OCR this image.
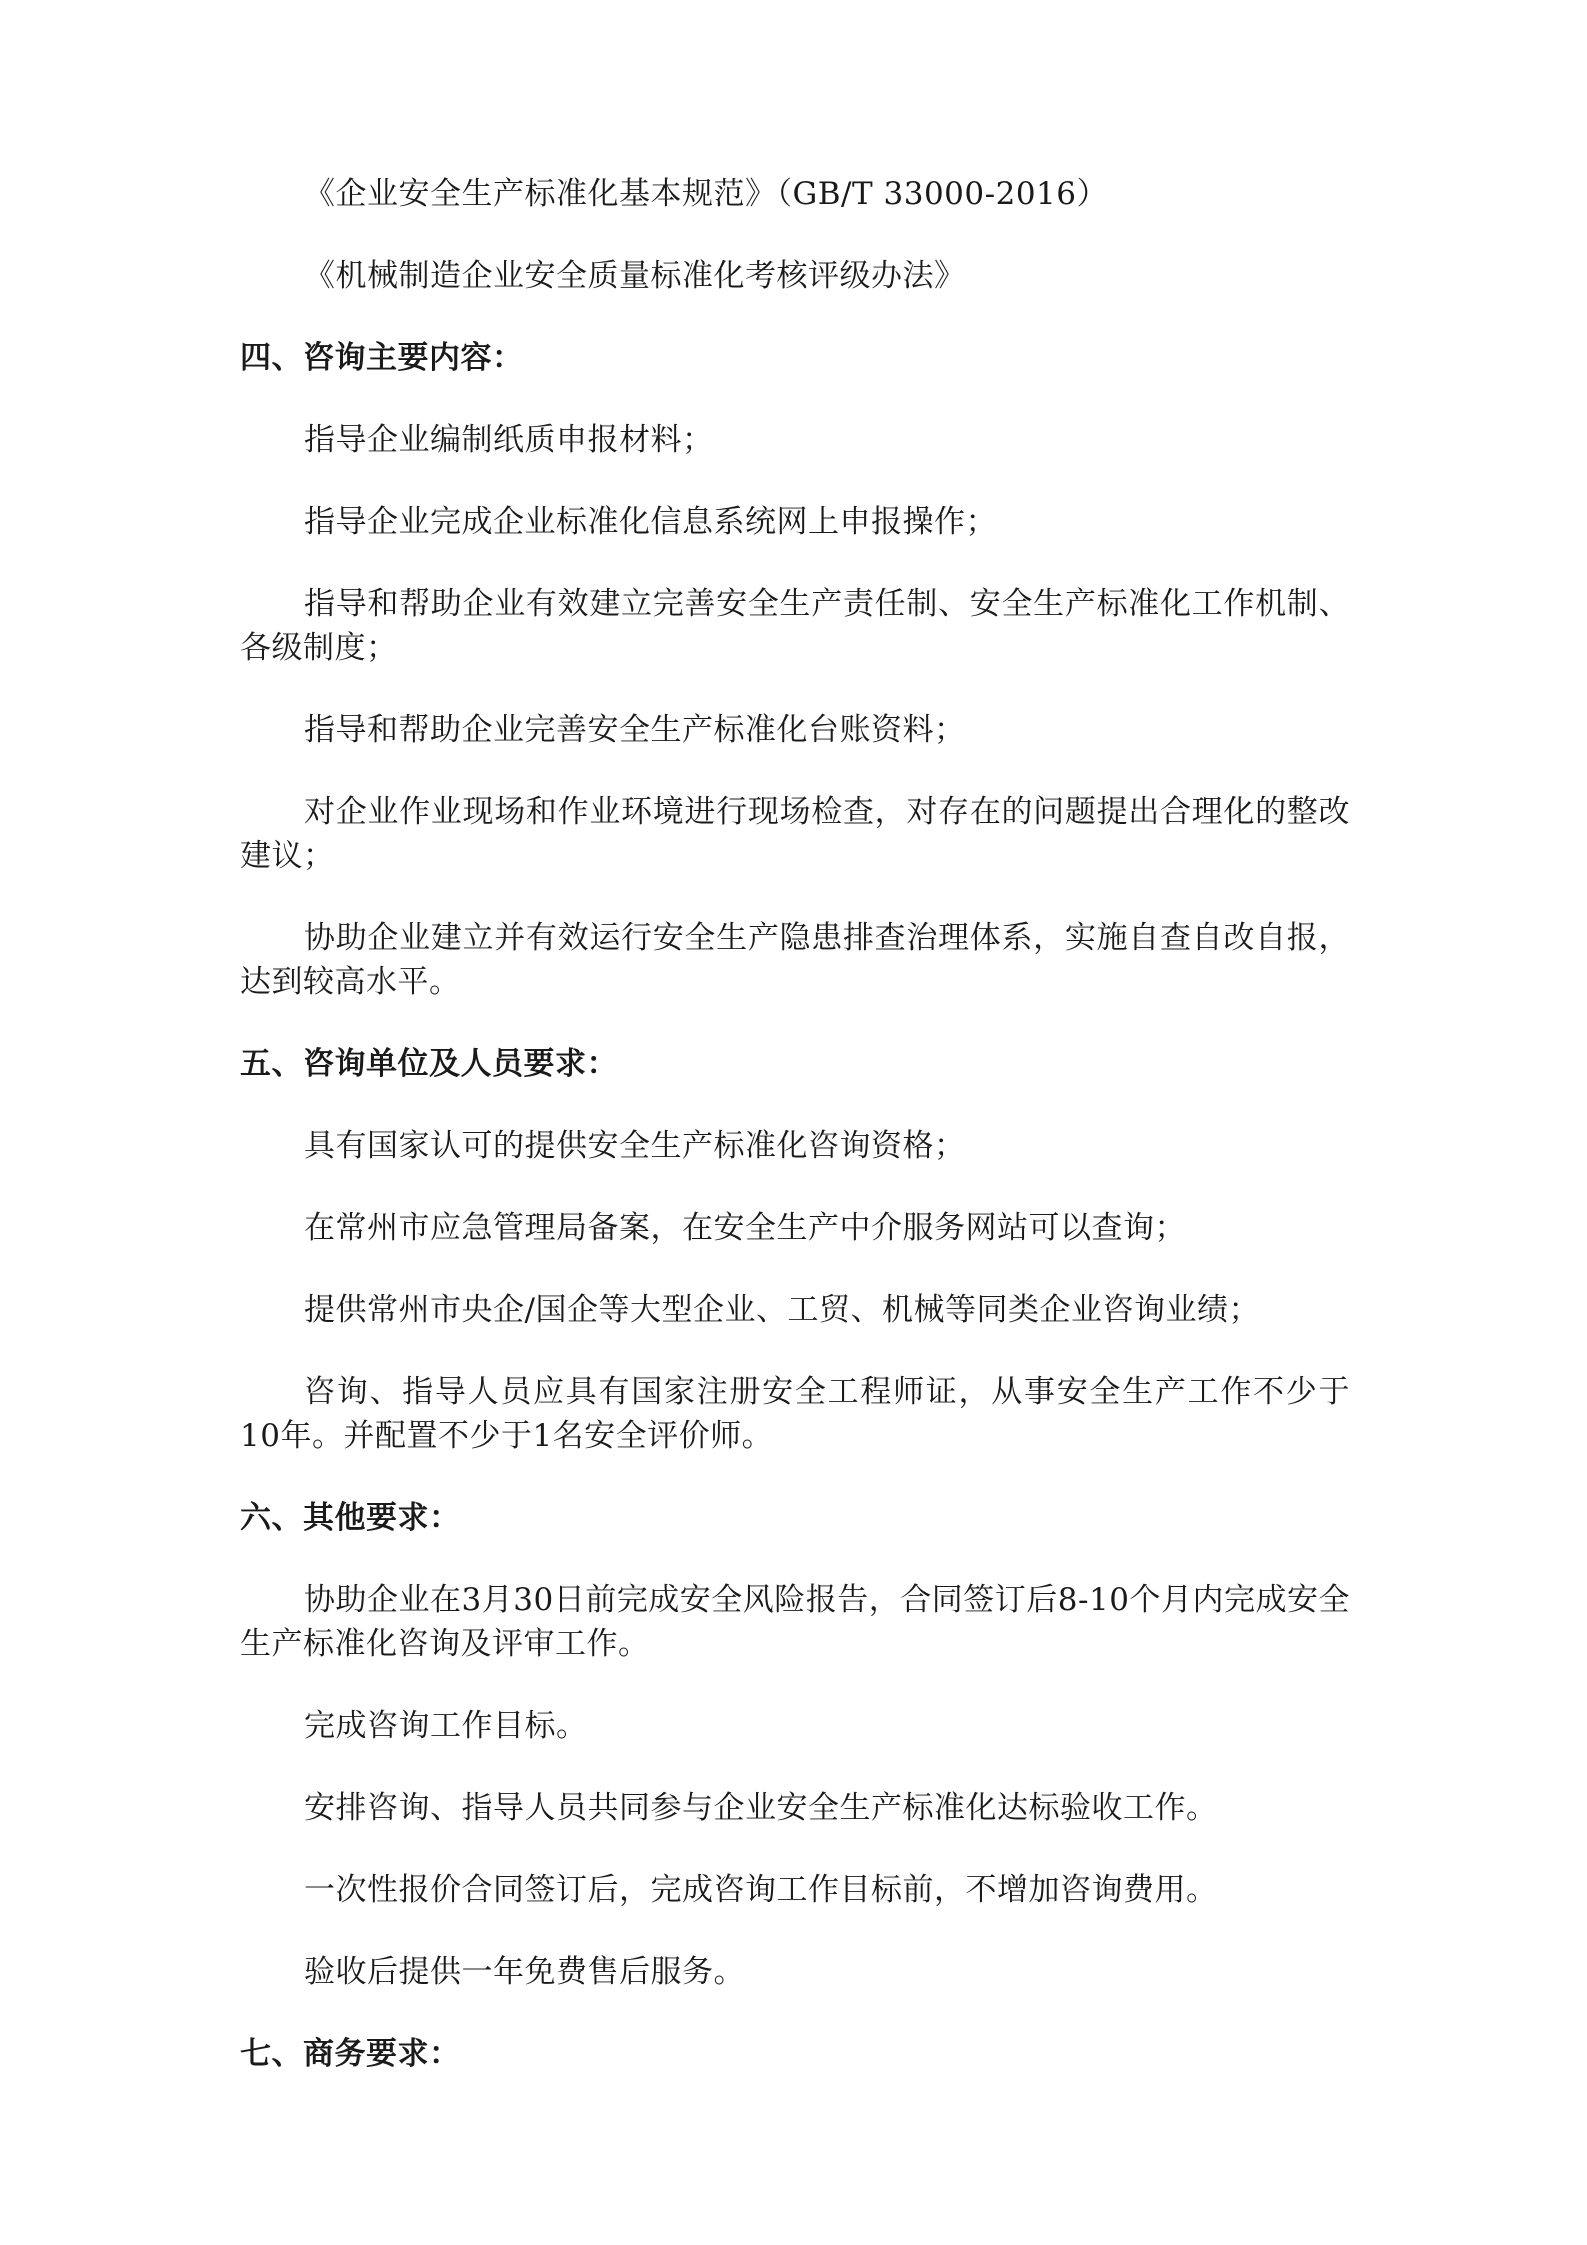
《企业安全生产标准化基本规范》（GB/T 33000-2016）

《机械制造企业安全质量标准化考核评级办法》

四、咨询主要内容：

指导企业编制纸质申报材料；

指导企业完成企业标准化信息系统网上申报操作；

指导和帮助企业有效建立完善安全生产责任制、安全生产标准化工作机制、各级制度；

指导和帮助企业完善安全生产标准化台账资料；

对企业作业现场和作业环境进行现场检查，对存在的问题提出合理化的整改建议；

协助企业建立并有效运行安全生产隐患排查治理体系，实施自查自改自报，达到较高水平。

五、咨询单位及人员要求：

具有国家认可的提供安全生产标准化咨询资格；

在常州市应急管理局备案，在安全生产中介服务网站可以查询；

提供常州市央企/国企等大型企业、工贸、机械等同类企业咨询业绩；

咨询、指导人员应具有国家注册安全工程师证，从事安全生产工作不少于10年。并配置不少于1名安全评价师。

六、其他要求：

协助企业在3月30日前完成安全风险报告，合同签订后8-10个月内完成安全生产标准化咨询及评审工作。

完成咨询工作目标。

安排咨询、指导人员共同参与企业安全生产标准化达标验收工作。

一次性报价合同签订后，完成咨询工作目标前，不增加咨询费用。

验收后提供一年免费售后服务。

七、商务要求：
